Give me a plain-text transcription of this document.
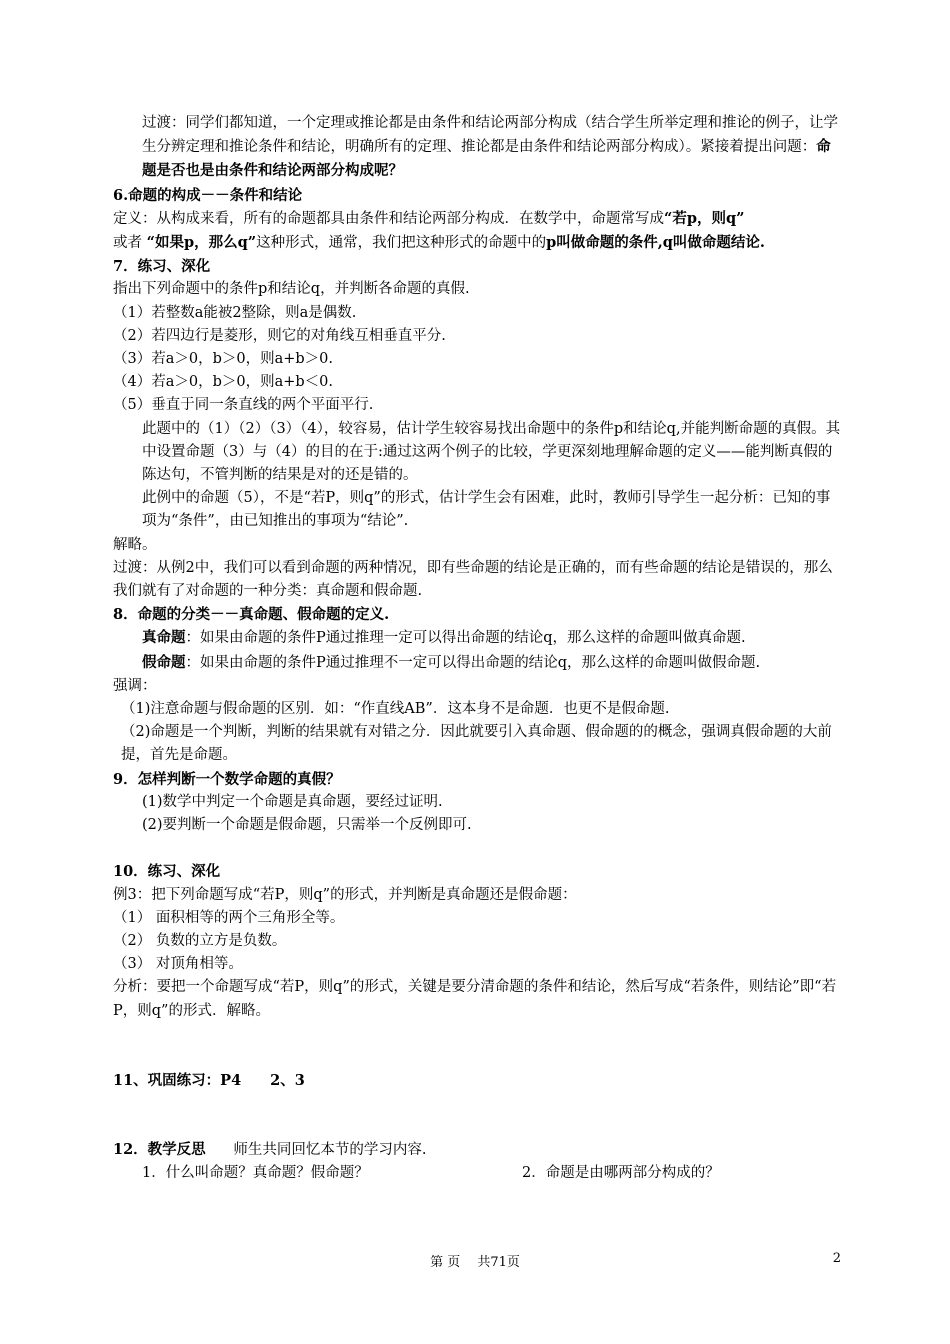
过渡：同学们都知道，一个定理或推论都是由条件和结论两部分构成（结合学生所举定理和推论的例子，让学生分辨定理和推论条件和结论，明确所有的定理、推论都是由条件和结论两部分构成）。紧接着提出问题：命题是否也是由条件和结论两部分构成呢？

6.命题的构成－－条件和结论

定义：从构成来看，所有的命题都具由条件和结论两部分构成．在数学中，命题常写成“若p，则q”
或者 “如果p，那么q”这种形式，通常，我们把这种形式的命题中的p叫做命题的条件,q叫做命题结论.

7．练习、深化

指出下列命题中的条件p和结论q，并判断各命题的真假.

（1）若整数a能被2整除，则a是偶数.

（2）若四边行是菱形，则它的对角线互相垂直平分.

（3）若a＞0，b＞0，则a+b＞0.

（4）若a＞0，b＞0，则a+b＜0.

（5）垂直于同一条直线的两个平面平行.

此题中的（1）（2）（3）（4），较容易，估计学生较容易找出命题中的条件p和结论q,并能判断命题的真假。其中设置命题（3）与（4）的目的在于:通过这两个例子的比较，学更深刻地理解命题的定义——能判断真假的陈达句，不管判断的结果是对的还是错的。

此例中的命题（5），不是“若P，则q”的形式，估计学生会有困难，此时，教师引导学生一起分析：已知的事项为“条件”，由已知推出的事项为“结论”.

解略。

过渡：从例2中，我们可以看到命题的两种情况，即有些命题的结论是正确的，而有些命题的结论是错误的，那么我们就有了对命题的一种分类：真命题和假命题.

8．命题的分类－－真命题、假命题的定义.

真命题：如果由命题的条件P通过推理一定可以得出命题的结论q，那么这样的命题叫做真命题.

假命题：如果由命题的条件P通过推理不一定可以得出命题的结论q，那么这样的命题叫做假命题.

强调：

（1)注意命题与假命题的区别．如：“作直线AB”．这本身不是命题．也更不是假命题.

（2)命题是一个判断，判断的结果就有对错之分．因此就要引入真命题、假命题的的概念，强调真假命题的大前提，首先是命题。

9．怎样判断一个数学命题的真假？

(1)数学中判定一个命题是真命题，要经过证明.

(2)要判断一个命题是假命题，只需举一个反例即可.

10．练习、深化

例3：把下列命题写成“若P，则q”的形式，并判断是真命题还是假命题：

（1） 面积相等的两个三角形全等。

（2） 负数的立方是负数。

（3） 对顶角相等。

分析：要把一个命题写成“若P，则q”的形式，关键是要分清命题的条件和结论，然后写成“若条件，则结论”即“若P，则q”的形式．解略。

11、巩固练习：P4　　2、3

12．教学反思 师生共同回忆本节的学习内容.

1．什么叫命题？真命题？假命题？	2．命题是由哪两部分构成的？
第 页　 共71页	2
